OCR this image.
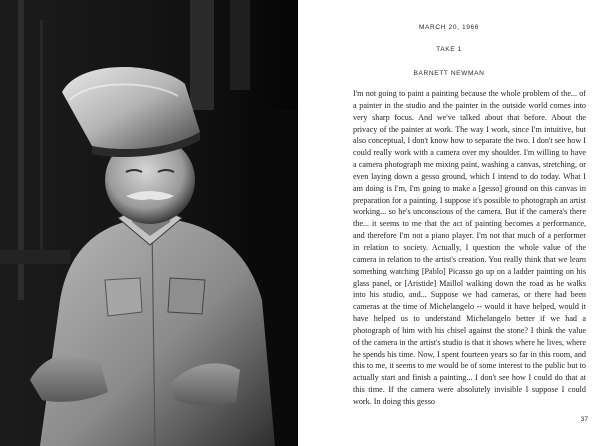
MARCH 20, 1966
TAKE 1
BARNETT NEWMAN

I'm not going to paint a painting because the whole problem of the... of a painter in the studio and the painter in the outside world comes into very sharp focus. And we've talked about that before. About the privacy of the painter at work. The way I work, since I'm intuitive, but also conceptual, I don't know how to separate the two. I don't see how I could really work with a camera over my shoulder. I'm willing to have a camera photograph me mixing paint, washing a canvas, stretching, or even laying down a gesso ground, which I intend to do today. What I am doing is I'm, I'm going to make a [gesso] ground on this canvas in preparation for a painting. I suppose it's possible to photograph an artist working... so he's unconscious of the camera. But if the camera's there the... it seems to me that the act of painting becomes a performance, and therefore I'm not a piano player. I'm not that much of a performer in relation to society. Actually, I question the whole value of the camera in relation to the artist's creation. You really think that we learn something watching [Pablo] Picasso go up on a ladder painting on his glass panel, or [Aristide] Maillol walking down the road as he walks into his studio, and... Suppose we had cameras, or there had been cameras at the time of Michelangelo -- would it have helped, would it have helped us to understand Michelangelo better if we had a photograph of him with his chisel against the stone? I think the value of the camera in the artist's studio is that it shows where he lives, where he spends his time. Now, I spent fourteen years so far in this room, and this to me, it seems to me would be of some interest to the public but to actually start and finish a painting... I don't see how I could do that at this time. If the camera were absolutely invisible I suppose I could work. In doing this gesso

37
